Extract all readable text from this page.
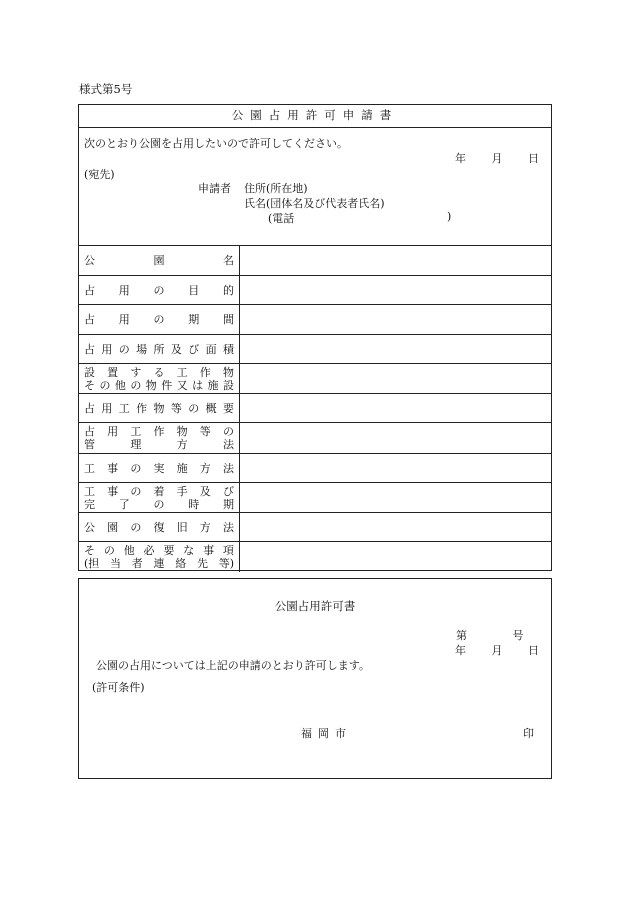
様式第5号
公園占用許可申請書
次のとおり公園を占用したいので許可してください。
年 月 日
(宛先)
申請者 住所(所在地)
氏名(団体名及び代表者氏名)
(電話	)
公	園	名
占 用 の 目 的
占 用 の 期 間
占 用 の 場 所 及 び 面 積
設 置 す る 工 作 物
そ の 他 の 物 件 又 は 施 設
占 用 工 作 物 等 の 概 要
占 用 工 作 物 等 の
管	理	方	法
工 事 の 実 施 方 法
工 事 の 着 手 及 び
完 了 の 時 期
公 園 の 復 旧 方 法
そ の 他 必 要 な 事 項
(担 当 者 連 絡 先 等)
公園占用許可書
第 号
年 月 日
公園の占用については上記の申請のとおり許可します。
(許可条件)
福岡市	印
